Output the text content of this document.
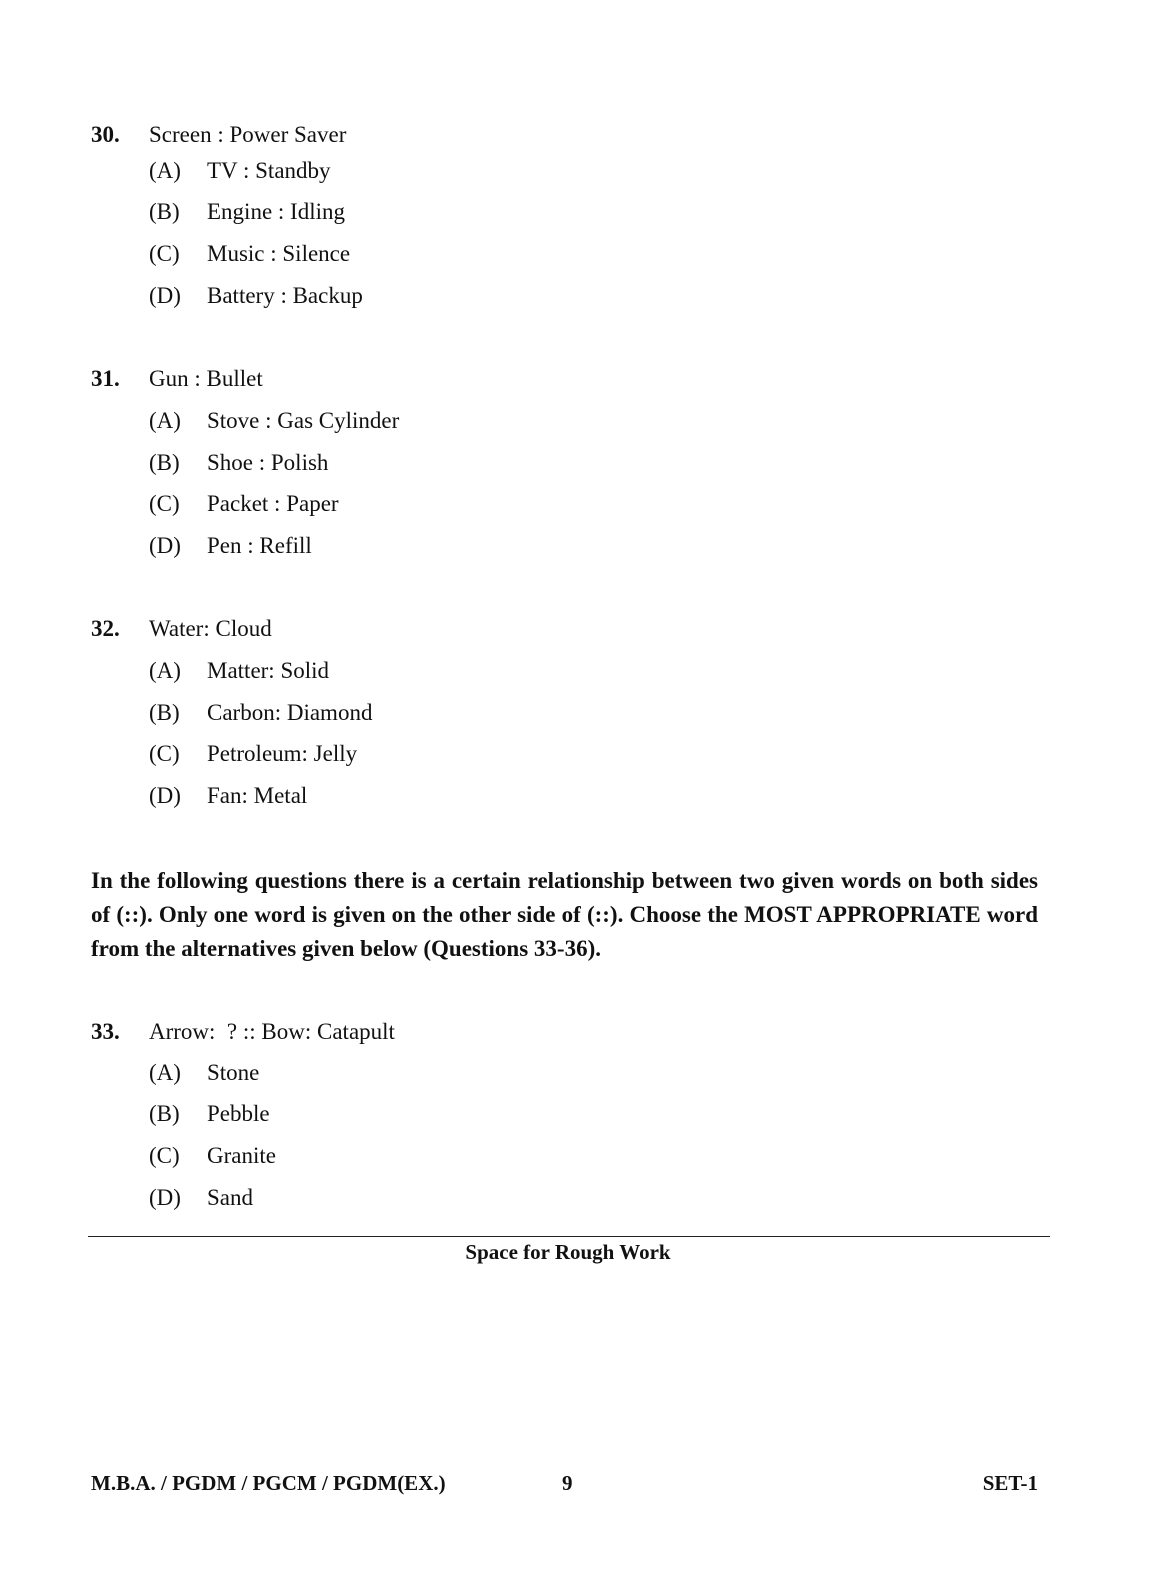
30. Screen : Power Saver
(A) TV : Standby
(B) Engine : Idling
(C) Music : Silence
(D) Battery : Backup
31. Gun : Bullet
(A) Stove : Gas Cylinder
(B) Shoe : Polish
(C) Packet : Paper
(D) Pen : Refill
32. Water: Cloud
(A) Matter: Solid
(B) Carbon: Diamond
(C) Petroleum: Jelly
(D) Fan: Metal
In the following questions there is a certain relationship between two given words on both sides of (::). Only one word is given on the other side of (::). Choose the MOST APPROPRIATE word from the alternatives given below (Questions 33-36).
33. Arrow:  ? :: Bow: Catapult
(A) Stone
(B) Pebble
(C) Granite
(D) Sand
Space for Rough Work
M.B.A. / PGDM / PGCM / PGDM(EX.)	9	SET-1
